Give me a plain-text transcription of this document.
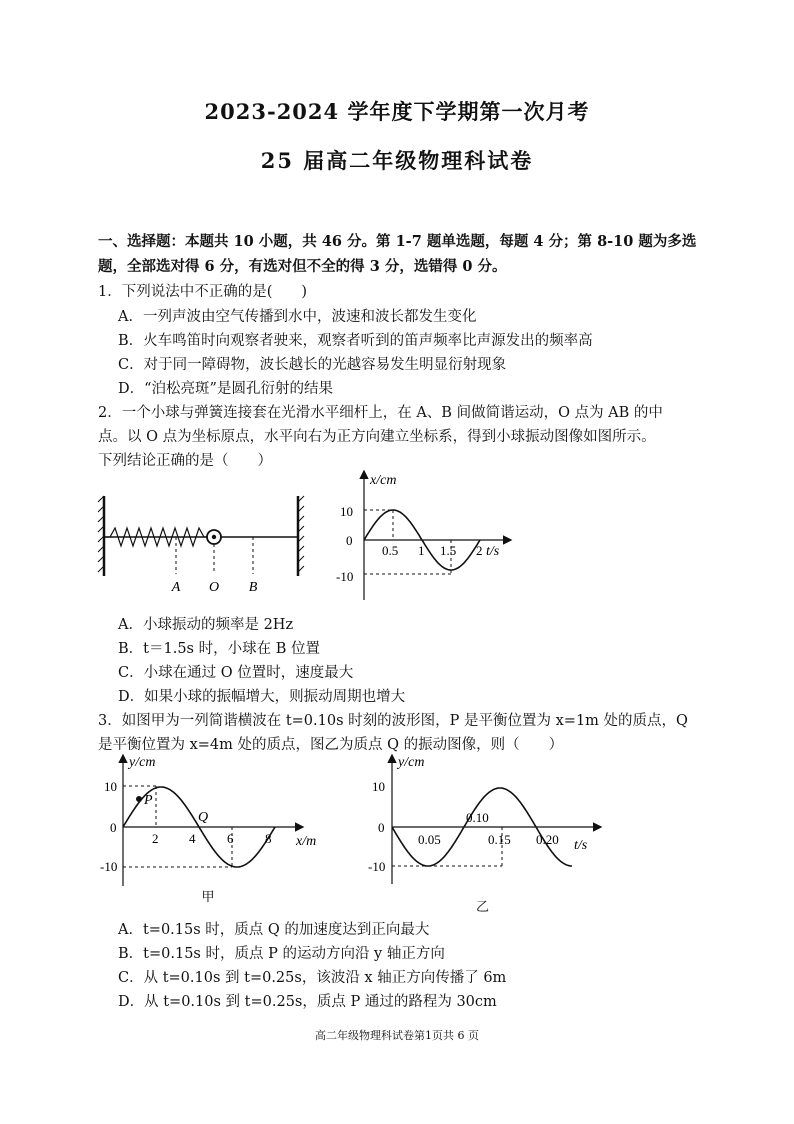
2023-2024 学年度下学期第一次月考
25 届高二年级物理科试卷
一、选择题：本题共 10 小题，共 46 分。第 1-7 题单选题，每题 4 分；第 8-10 题为多选
题，全部选对得 6 分，有选对但不全的得 3 分，选错得 0 分。
1．下列说法中不正确的是(　　)
A．一列声波由空气传播到水中，波速和波长都发生变化
B．火车鸣笛时向观察者驶来，观察者听到的笛声频率比声源发出的频率高
C．对于同一障碍物，波长越长的光越容易发生明显衍射现象
D．“泊松亮斑”是圆孔衍射的结果
2．一个小球与弹簧连接套在光滑水平细杆上，在 A、B 间做简谐运动，O 点为 AB 的中
点。以 O 点为坐标原点，水平向右为正方向建立坐标系，得到小球振动图像如图所示。
下列结论正确的是（　　）
A O B
x/cm
t/s
10
0
-10
0.5 1 1.5 2
A．小球振动的频率是 2Hz
B．t＝1.5s 时，小球在 B 位置
C．小球在通过 O 位置时，速度最大
D．如果小球的振幅增大，则振动周期也增大
3．如图甲为一列简谐横波在 t=0.10s 时刻的波形图，P 是平衡位置为 x=1m 处的质点，Q
是平衡位置为 x=4m 处的质点，图乙为质点 Q 的振动图像，则（　　）
y/cm
x/m
10
0
-10
P
Q
2 4 6 8
甲
y/cm
t/s
10
0
-10
0.05
0.10
0.15 0.20
乙
A．t=0.15s 时，质点 Q 的加速度达到正向最大
B．t=0.15s 时，质点 P 的运动方向沿 y 轴正方向
C．从 t=0.10s 到 t=0.25s，该波沿 x 轴正方向传播了 6m
D．从 t=0.10s 到 t=0.25s，质点 P 通过的路程为 30cm
高二年级物理科试卷第1页共 6 页
